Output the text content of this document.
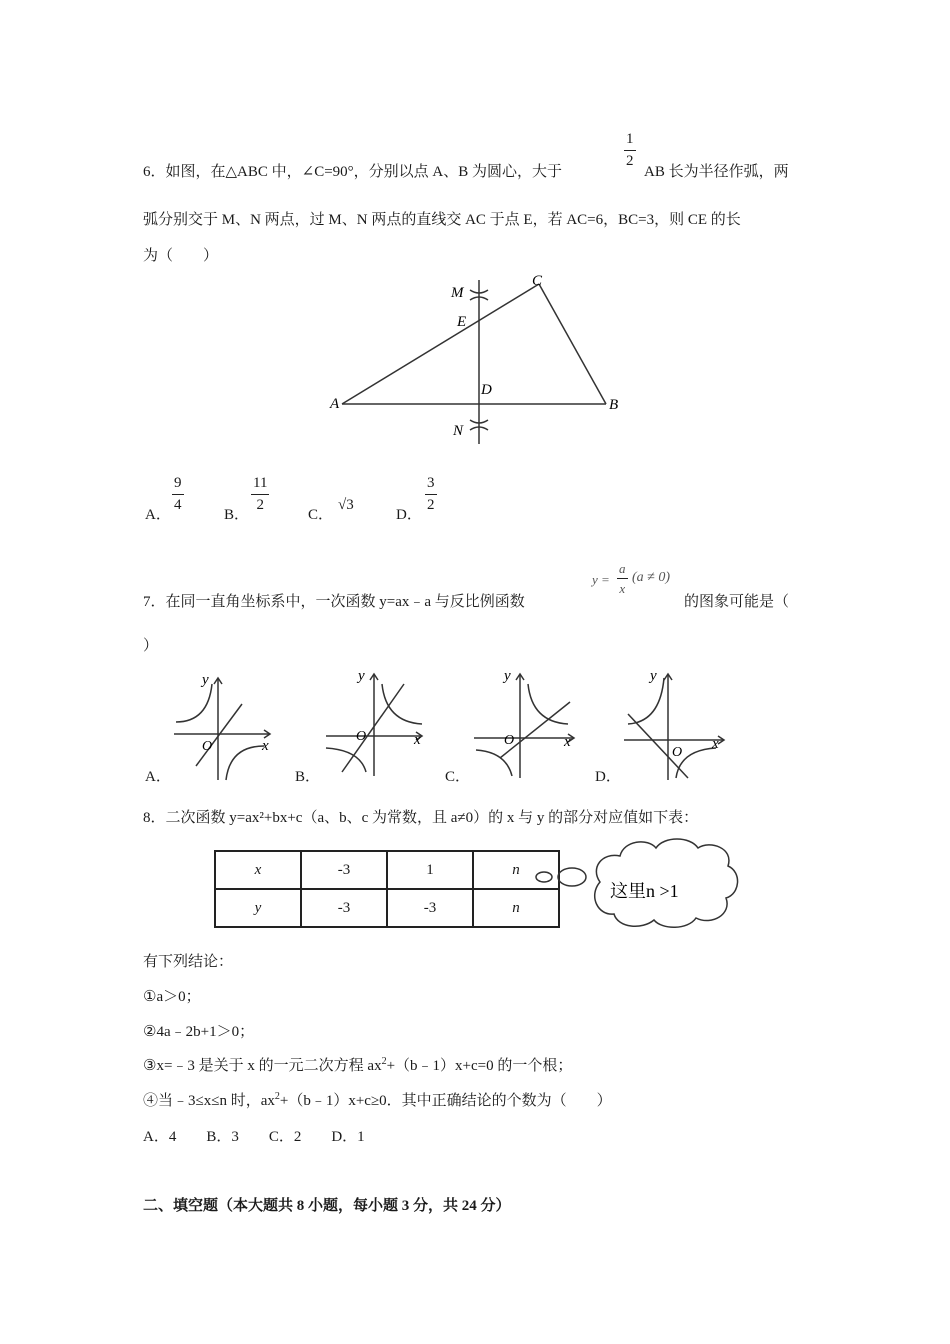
6．如图，在△ABC 中，∠C=90°，分别以点 A、B 为圆心，大于
1
2
AB 长为半径作弧，两
弧分别交于 M、N 两点，过 M、N 两点的直线交 AC 于点 E，若 AC=6，BC=3，则 CE 的长
为（　　）
M
E
C
D
A	B
N
A．
9
4
B．
11
2
C．
√3
D．
3
2
7．在同一直角坐标系中，一次函数 y=ax﹣a 与反比例函数
y =
a
x
(a ≠ 0)
的图象可能是（
）
y
x
O
A．
y
x
O
B．
y
x
O
C．
y
x
O
D．
8．二次函数 y=ax²+bx+c（a、b、c 为常数，且 a≠0）的 x 与 y 的部分对应值如下表：
x	-3	1	n
y	-3	-3	n
这里n >1
有下列结论：
①a＞0；
②4a﹣2b+1＞0；
③x=﹣3 是关于 x 的一元二次方程 $ax^2+(b﹣1)x+c=0$ 的一个根；
④当﹣3≤x≤n 时，$ax^2+(b﹣1)x+c\ge 0$．其中正确结论的个数为（　　）
A．4　　B．3　　C．2　　D．1
二、填空题（本大题共 8 小题，每小题 3 分，共 24 分）
